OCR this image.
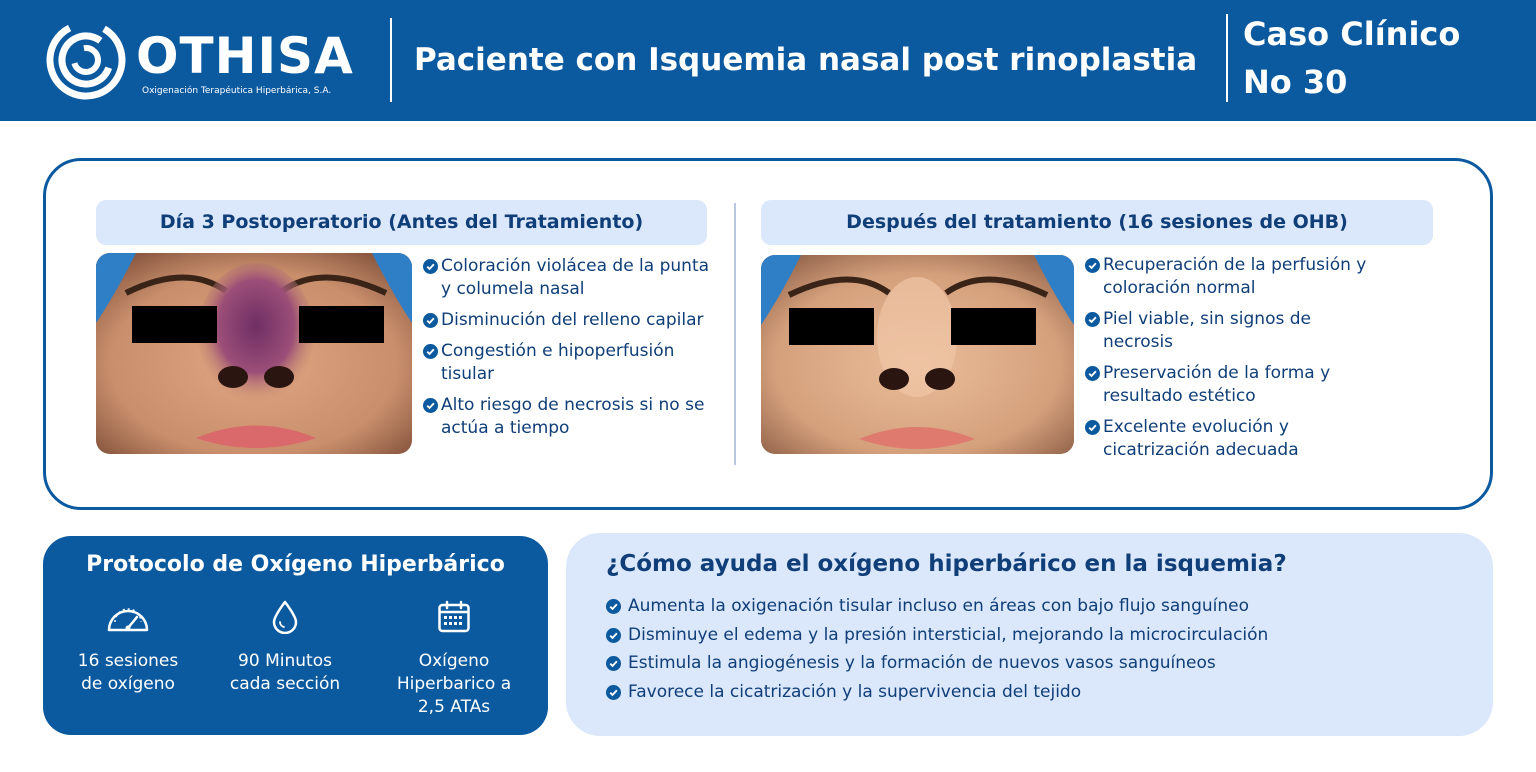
OTHISA
Oxigenación Terapéutica Hiperbárica, S.A.
Paciente con Isquemia nasal post rinoplastia
Caso Clínico
No 30
Día 3 Postoperatorio (Antes del Tratamiento)	Después del tratamiento (16 sesiones de OHB)
Coloración violácea de la punta y columela nasal
Disminución del relleno capilar
Congestión e hipoperfusión tisular
Alto riesgo de necrosis si no se actúa a tiempo
Recuperación de la perfusión y coloración normal
Piel viable, sin signos de necrosis
Preservación de la forma y resultado estético
Excelente evolución y cicatrización adecuada
Protocolo de Oxígeno Hiperbárico
16 sesiones
de oxígeno
90 Minutos
cada sección
Oxígeno
Hiperbarico a
2,5 ATAs
¿Cómo ayuda el oxígeno hiperbárico en la isquemia?
Aumenta la oxigenación tisular incluso en áreas con bajo flujo sanguíneo
Disminuye el edema y la presión intersticial, mejorando la microcirculación
Estimula la angiogénesis y la formación de nuevos vasos sanguíneos
Favorece la cicatrización y la supervivencia del tejido
